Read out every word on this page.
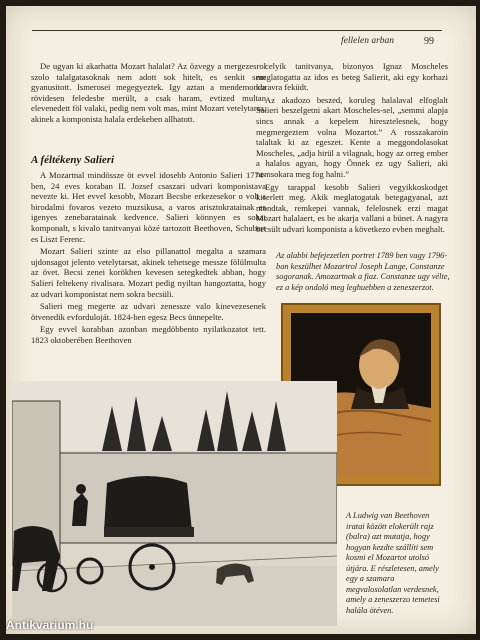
fellelen arban	99

De ugyan ki akarhatta Mozart halalat? Az özvegy a mergezesrol szolo talalgatasoknak nem adott sok hitelt, es senkit sem gyanusitott. Ismerosei megegyeztek. Igy aztan a mendemonda rövidesen feledesbe merült, a csak haram, evtized multan elevenedett föl valaki, pedig nem volt mas, mint Mozart vetelytarsa, akinek a komponista halala erdekeben allhatott.

celyik tanitvanya, bizonyos Ignaz Moscheles meglatogatta az idos es beteg Salierit, aki egy korhazi koravra feküdt.

Az akadozo beszed, koruleg halalaval elfoglalt Salieri beszelgetni akart Moscheles-sel, „semmi alapja sincs annak a kepelem hiresztelesnek, hogy megmergeztem volna Mozartot.” A rosszakaroin talaltak ki az egeszet. Kente a meggondolasokat Moscheles, „adja hirül a vilagnak, hogy az orreg ember a halalos agyan, hogy Önnek ez ugy Salieri, aki nemsokara meg fog halni.”

Egy tarappal kesobb Salieri vegyikkoskodget kiserlett meg. Akik meglatogatak betegagyanal, azt mondtak, remkepei vannak, felelosnek erzi magat Mozart halalaert, es be akarja vallani a bünet. A nagyra becsült udvari komponista a következo evben meghalt.

A féltékeny Salieri

A Mozartnal mindössze öt evvel idosebb Antonio Salieri 1774-ben, 24 eves koraban II. Jozsef csaszari udvari komponistava nevezte ki. Het evvel kesobb, Mozart Becsbe erkezesekor o volt a birodalmi fovaros vezeto muzsikusa, a varos arisztokratainak es igenyes zenebaratainak kedvence. Salieri könnyen es sokat komponalt, s kivalo tanitvanyai közé tartozott Beethoven, Schubert es Liszt Ferenc.

Mozart Salieri szinte az elso pillanattol megalta a szamara ujdonsagot jelento vetelytarsat, akinek tehetsege messze fölülmulta az övet. Becsi zenei korökben kevesen setegkedtek abban, hogy Salieri feltekeny rivalisara. Mozart pedig nyiltan hangoztatta, hogy az udvari komponistat nem sokra becsüli.

Salieri meg megerte az udvari zenessze valo kinevezesenek ötvenedik evforduloját. 1824-ben egesz Becs ünnepelte.

Egy evvel korabban azonban megdöbbento nyilatkozatot tett. 1823 oktoberében Beethoven

Az alabbi befejezetlen portret 1789 ben vagy 1796-ban keszülhet Mozartrol Joseph Lange, Constanze sogoranak. Amozartnak a fiaz. Constanze ugy vélte, ez a kép ondoló meg leghuebben a zeneszerzot.
A Ludwig van Beethoven iratai között elokerült rajz (balra) azt mutatja, hogy hogyan kezdte szállíti sem kosmi el Mozartot utolsó útjára. E részletesen, amely egy a szamara megvalosolatlan verdesnek, amely a zeneszerzo temetesi halála ötéven.
Antikvarium.hu
